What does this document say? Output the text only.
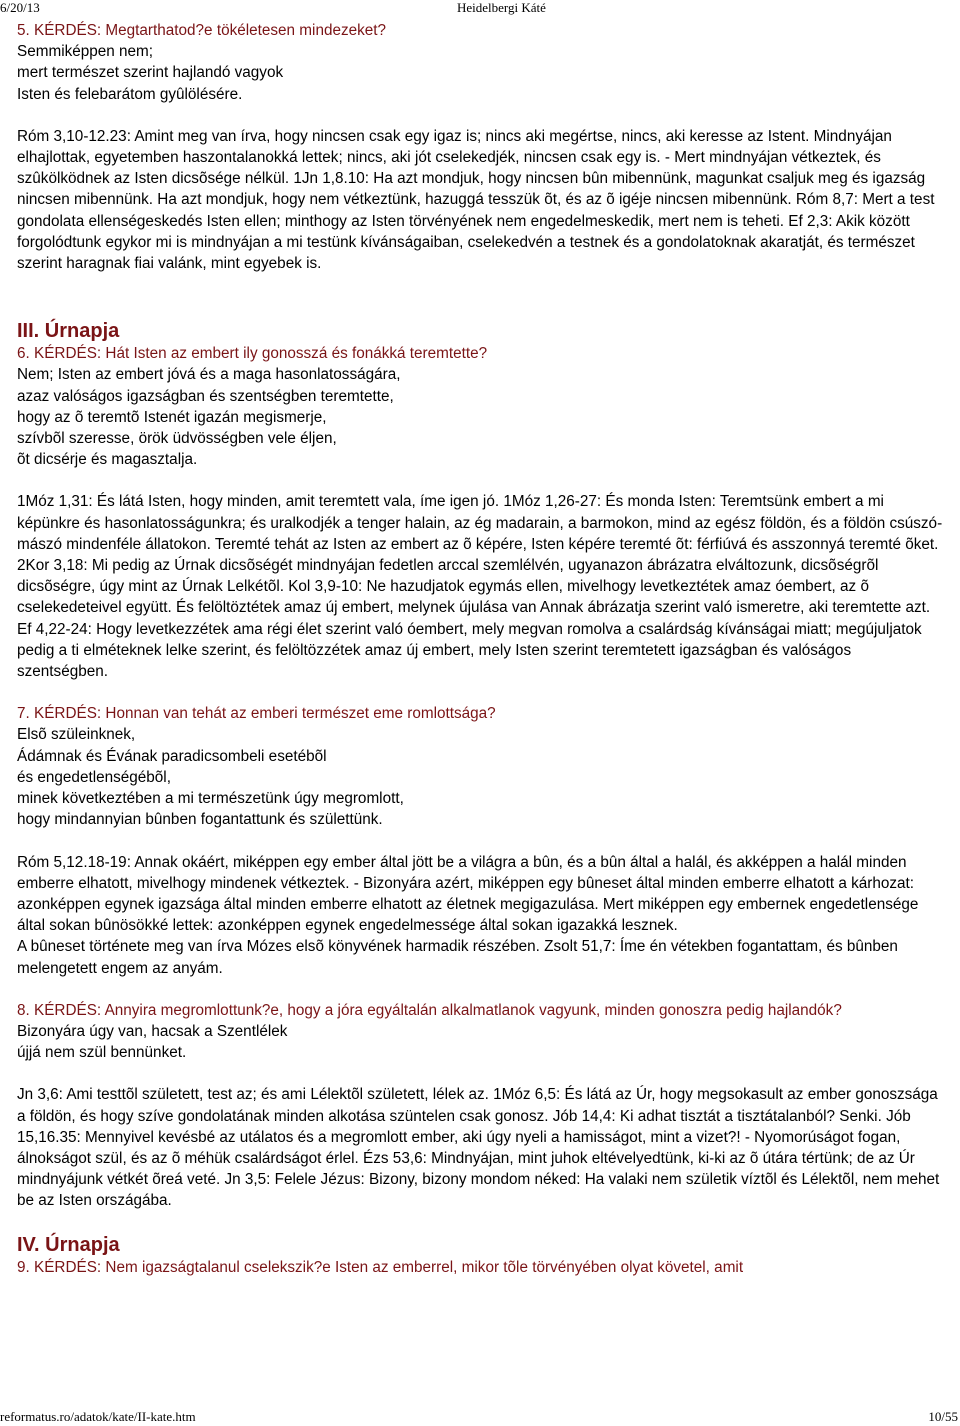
6/20/13	Heidelbergi Káté

5. KÉRDÉS: Megtarthatod?e tökéletesen mindezeket?

Semmiképpen nem;
mert természet szerint hajlandó vagyok
Isten és felebarátom gyûlölésére.

Róm 3,10-12.23: Amint meg van írva, hogy nincsen csak egy igaz is; nincs aki megértse, nincs, aki keresse az Istent. Mindnyájan elhajlottak, egyetemben haszontalanokká lettek; nincs, aki jót cselekedjék, nincsen csak egy is. - Mert mindnyájan vétkeztek, és szûkölködnek az Isten dicsõsége nélkül. 1Jn 1,8.10: Ha azt mondjuk, hogy nincsen bûn mibennünk, magunkat csaljuk meg és igazság nincsen mibennünk. Ha azt mondjuk, hogy nem vétkeztünk, hazuggá tesszük õt, és az õ igéje nincsen mibennünk. Róm 8,7: Mert a test gondolata ellenségeskedés Isten ellen; minthogy az Isten törvényének nem engedelmeskedik, mert nem is teheti. Ef 2,3: Akik között forgolódtunk egykor mi is mindnyájan a mi testünk kívánságaiban, cselekedvén a testnek és a gondolatoknak akaratját, és természet szerint haragnak fiai valánk, mint egyebek is.

III. Úrnapja

6. KÉRDÉS: Hát Isten az embert ily gonosszá és fonákká teremtette?

Nem; Isten az embert jóvá és a maga hasonlatosságára,
azaz valóságos igazságban és szentségben teremtette,
hogy az õ teremtõ Istenét igazán megismerje,
szívbõl szeresse, örök üdvösségben vele éljen,
õt dicsérje és magasztalja.

1Móz 1,31: És látá Isten, hogy minden, amit teremtett vala, íme igen jó. 1Móz 1,26-27: És monda Isten: Teremtsünk embert a mi képünkre és hasonlatosságunkra; és uralkodjék a tenger halain, az ég madarain, a barmokon, mind az egész földön, és a földön csúszó-mászó mindenféle állatokon. Teremté tehát az Isten az embert az õ képére, Isten képére teremté õt: férfiúvá és asszonnyá teremté õket. 2Kor 3,18: Mi pedig az Úrnak dicsõségét mindnyájan fedetlen arccal szemlélvén, ugyanazon ábrázatra elváltozunk, dicsõségrõl dicsõségre, úgy mint az Úrnak Lelkétõl. Kol 3,9-10: Ne hazudjatok egymás ellen, mivelhogy levetkeztétek amaz óembert, az õ cselekedeteivel együtt. És felöltöztétek amaz új embert, melynek újulása van Annak ábrázatja szerint való ismeretre, aki teremtette azt. Ef 4,22-24: Hogy levetkezzétek ama régi élet szerint való óembert, mely megvan romolva a csalárdság kívánságai miatt; megújuljatok pedig a ti elméteknek lelke szerint, és felöltözzétek amaz új embert, mely Isten szerint teremtetett igazságban és valóságos szentségben.

7. KÉRDÉS: Honnan van tehát az emberi természet eme romlottsága?

Elsõ szüleinknek,
Ádámnak és Évának paradicsombeli esetébõl
és engedetlenségébõl,
minek következtében a mi természetünk úgy megromlott,
hogy mindannyian bûnben fogantattunk és születtünk.

Róm 5,12.18-19: Annak okáért, miképpen egy ember által jött be a világra a bûn, és a bûn által a halál, és akképpen a halál minden emberre elhatott, mivelhogy mindenek vétkeztek. - Bizonyára azért, miképpen egy bûneset által minden emberre elhatott a kárhozat: azonképpen egynek igazsága által minden emberre elhatott az életnek megigazulása. Mert miképpen egy embernek engedetlensége által sokan bûnösökké lettek: azonképpen egynek engedelmessége által sokan igazakká lesznek.

A bûneset története meg van írva Mózes elsõ könyvének harmadik részében. Zsolt 51,7: Íme én vétekben fogantattam, és bûnben melengetett engem az anyám.

8. KÉRDÉS: Annyira megromlottunk?e, hogy a jóra egyáltalán alkalmatlanok vagyunk, minden gonoszra pedig hajlandók?

Bizonyára úgy van, hacsak a Szentlélek
újjá nem szül bennünket.

Jn 3,6: Ami testtõl született, test az; és ami Lélektõl született, lélek az. 1Móz 6,5: És látá az Úr, hogy megsokasult az ember gonoszsága a földön, és hogy szíve gondolatának minden alkotása szüntelen csak gonosz. Jób 14,4: Ki adhat tisztát a tisztátalanból? Senki. Jób 15,16.35: Mennyivel kevésbé az utálatos és a megromlott ember, aki úgy nyeli a hamisságot, mint a vizet?! - Nyomorúságot fogan, álnokságot szül, és az õ méhük csalárdságot érlel. Ézs 53,6: Mindnyájan, mint juhok eltévelyedtünk, ki-ki az õ útára tértünk; de az Úr mindnyájunk vétkét õreá veté. Jn 3,5: Felele Jézus: Bizony, bizony mondom néked: Ha valaki nem születik víztõl és Lélektõl, nem mehet be az Isten országába.

IV. Úrnapja

9. KÉRDÉS: Nem igazságtalanul cselekszik?e Isten az emberrel, mikor tõle törvényében olyat követel, amit

reformatus.ro/adatok/kate/II-kate.htm	10/55
